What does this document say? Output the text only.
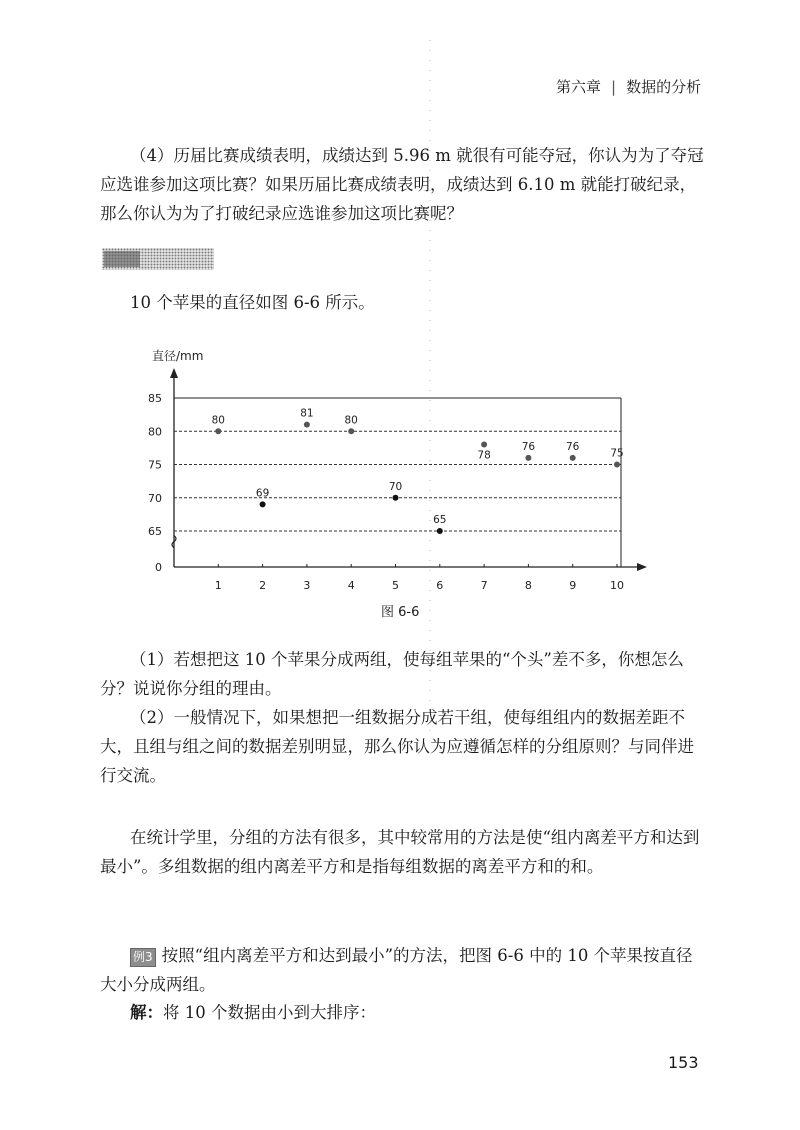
第六章 | 数据的分析

（4）历届比赛成绩表明，成绩达到 5.96 m 就很有可能夺冠，你认为为了夺冠应选谁参加这项比赛？如果历届比赛成绩表明，成绩达到 6.10 m 就能打破纪录，那么你认为为了打破纪录应选谁参加这项比赛呢？

10 个苹果的直径如图 6-6 所示。

直径/mm
0
65
70
75
80
85
1	2	3	4	5	6	7	8	9	10
80
69
81
80
70
65
78
76	76
75
图 6-6

（1）若想把这 10 个苹果分成两组，使每组苹果的“个头”差不多，你想怎么分？说说你分组的理由。

（2）一般情况下，如果想把一组数据分成若干组，使每组组内的数据差距不大，且组与组之间的数据差别明显，那么你认为应遵循怎样的分组原则？与同伴进行交流。

在统计学里，分组的方法有很多，其中较常用的方法是使“组内离差平方和达到最小”。多组数据的组内离差平方和是指每组数据的离差平方和的和。

例3 按照“组内离差平方和达到最小”的方法，把图 6-6 中的 10 个苹果按直径大小分成两组。

解：将 10 个数据由小到大排序：

153
